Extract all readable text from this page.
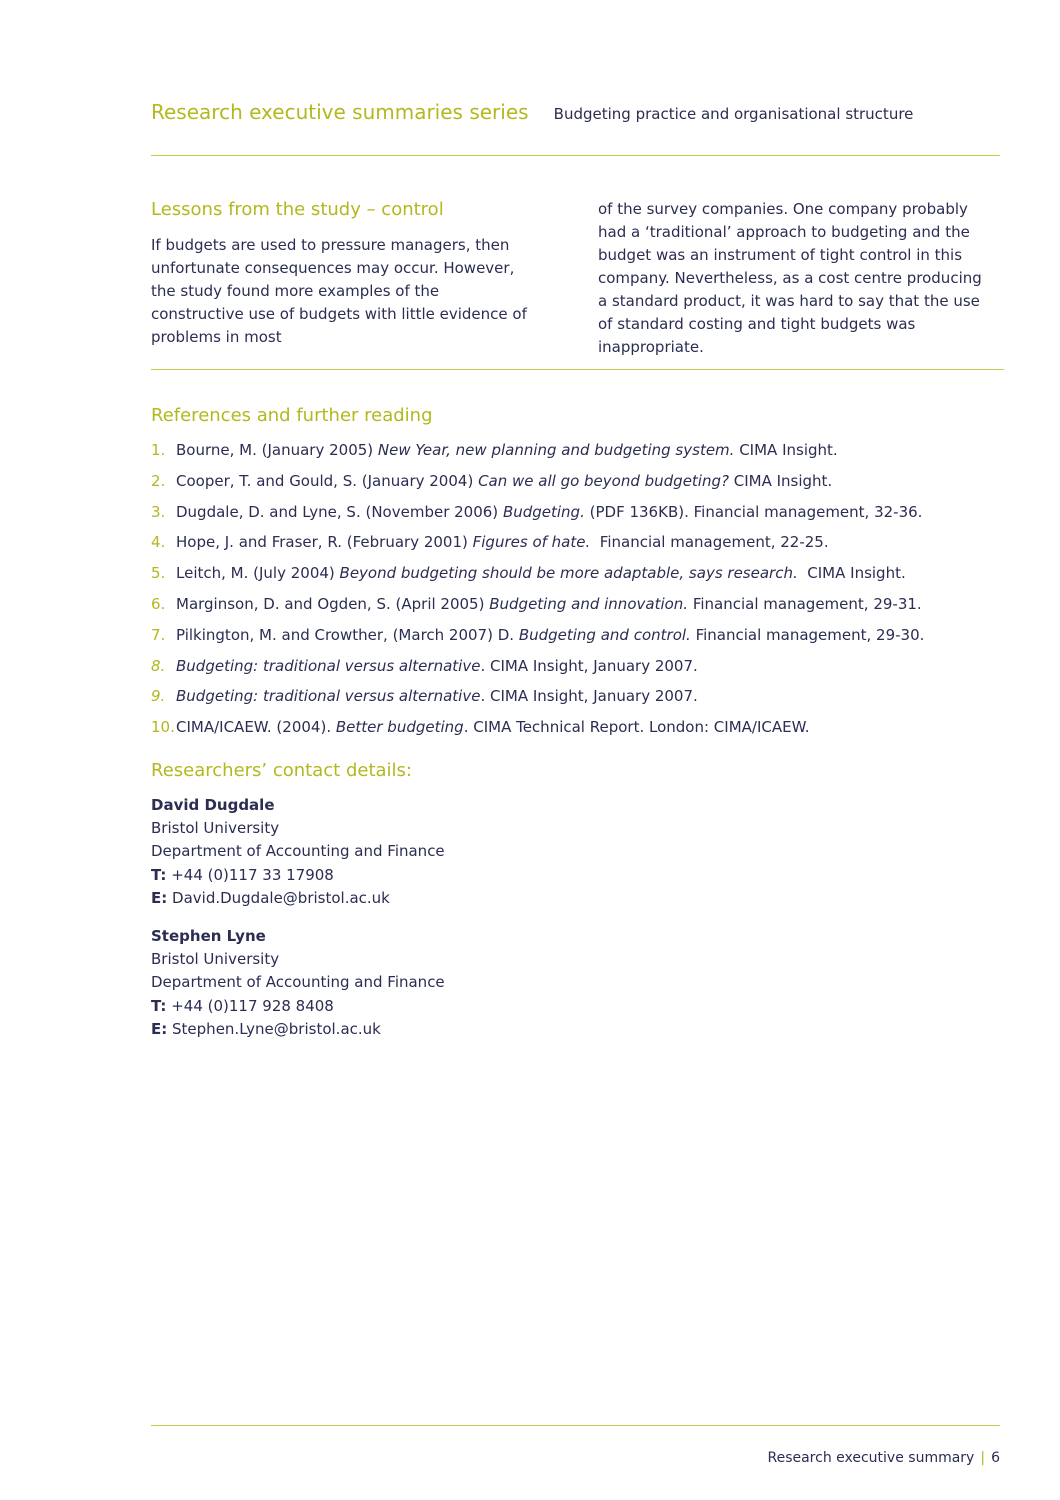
Research executive summaries series Budgeting practice and organisational structure
Lessons from the study – control

If budgets are used to pressure managers, then unfortunate consequences may occur. However, the study found more examples of the constructive use of budgets with little evidence of problems in most

of the survey companies. One company probably had a ‘traditional’ approach to budgeting and the budget was an instrument of tight control in this company. Nevertheless, as a cost centre producing a standard product, it was hard to say that the use of standard costing and tight budgets was inappropriate.

References and further reading
1. Bourne, M. (January 2005) New Year, new planning and budgeting system. CIMA Insight.
2. Cooper, T. and Gould, S. (January 2004) Can we all go beyond budgeting? CIMA Insight.
3. Dugdale, D. and Lyne, S. (November 2006) Budgeting. (PDF 136KB). Financial management, 32-36.
4. Hope, J. and Fraser, R. (February 2001) Figures of hate.  Financial management, 22-25.
5. Leitch, M. (July 2004) Beyond budgeting should be more adaptable, says research.  CIMA Insight.
6. Marginson, D. and Ogden, S. (April 2005) Budgeting and innovation. Financial management, 29-31.
7. Pilkington, M. and Crowther, (March 2007) D. Budgeting and control. Financial management, 29-30.
8. Budgeting: traditional versus alternative. CIMA Insight, January 2007.
9. Budgeting: traditional versus alternative. CIMA Insight, January 2007.
10.CIMA/ICAEW. (2004). Better budgeting. CIMA Technical Report. London: CIMA/ICAEW.
Researchers’ contact details:
David Dugdale
Bristol University
Department of Accounting and Finance
T: +44 (0)117 33 17908
E: David.Dugdale@bristol.ac.uk
Stephen Lyne
Bristol University
Department of Accounting and Finance
T: +44 (0)117 928 8408
E: Stephen.Lyne@bristol.ac.uk
Research executive summary | 6
